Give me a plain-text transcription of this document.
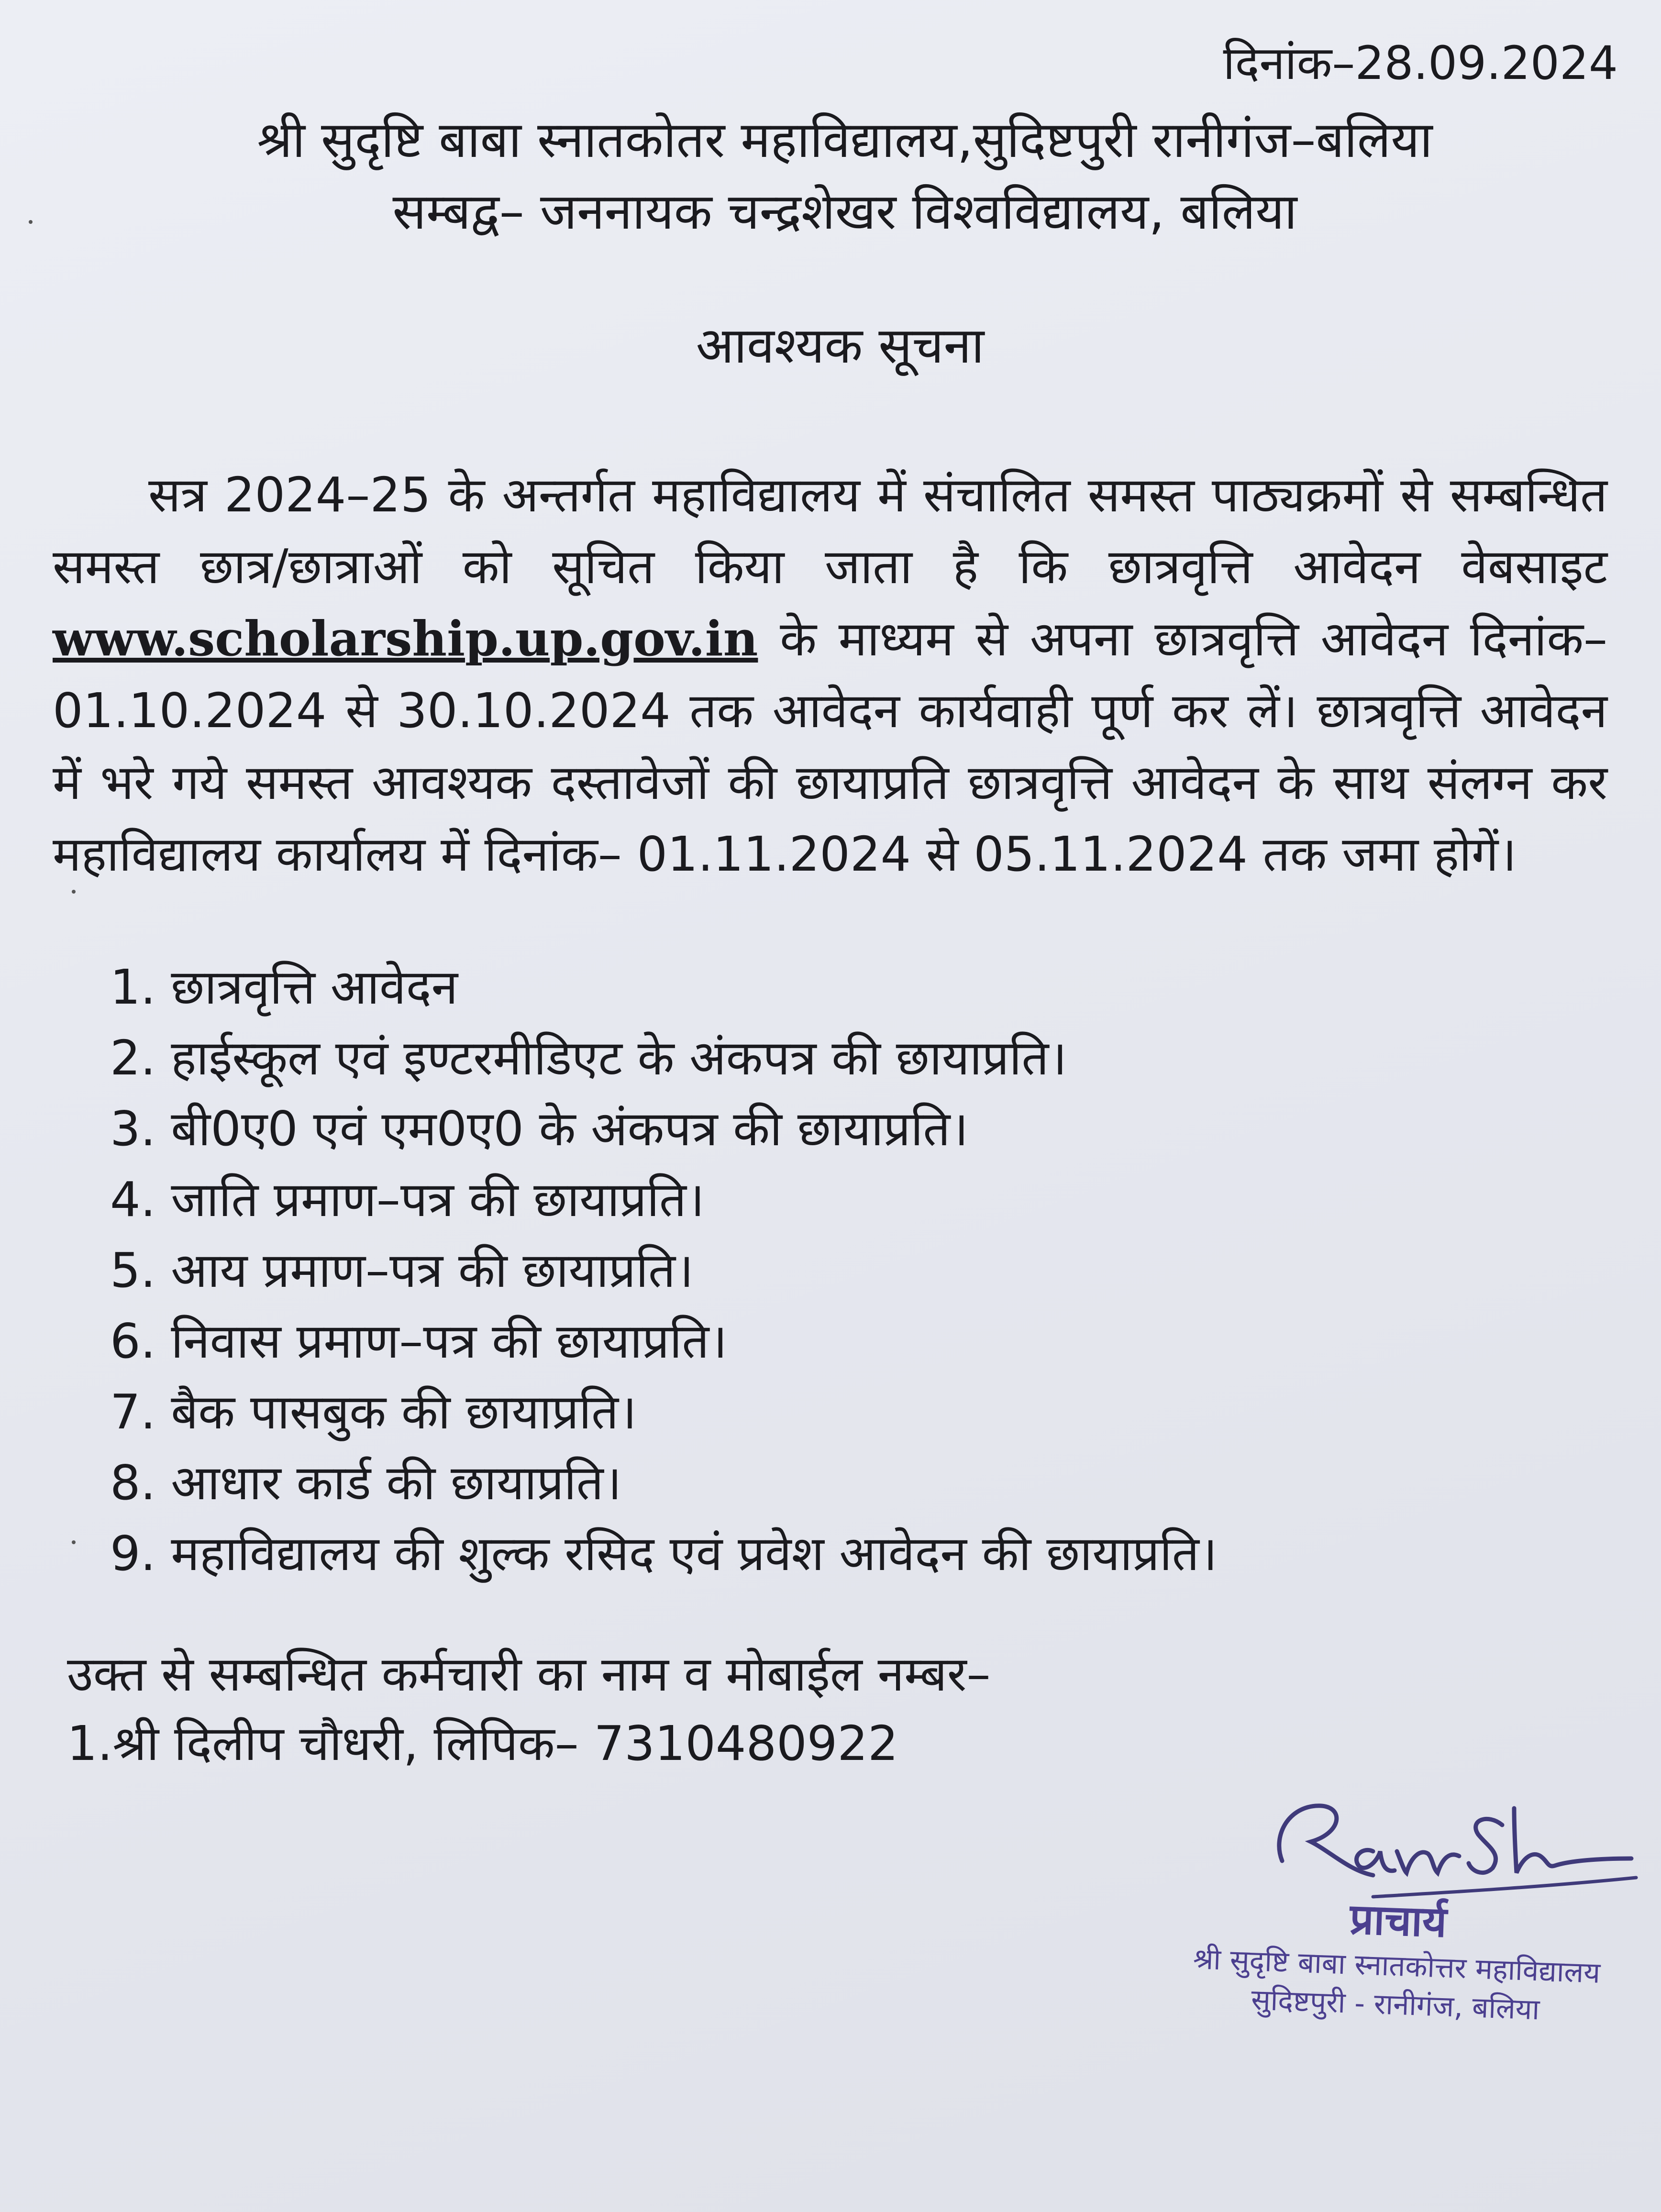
दिनांक–28.09.2024
श्री सुदृष्टि बाबा स्नातकोतर महाविद्यालय,सुदिष्टपुरी रानीगंज–बलिया
सम्बद्व– जननायक चन्द्रशेखर विश्वविद्यालय, बलिया
आवश्यक सूचना
सत्र 2024–25 के अन्तर्गत महाविद्यालय में संचालित समस्त पाठ्यक्रमों से सम्बन्धित समस्त छात्र/छात्राओं को सूचित किया जाता है कि छात्रवृत्ति आवेदन वेबसाइट www.scholarship.up.gov.in के माध्यम से अपना छात्रवृत्ति आवेदन दिनांक– 01.10.2024 से 30.10.2024 तक आवेदन कार्यवाही पूर्ण कर लें। छात्रवृत्ति आवेदन में भरे गये समस्त आवश्यक दस्तावेजों की छायाप्रति छात्रवृत्ति आवेदन के साथ संलग्न कर महाविद्यालय कार्यालय में दिनांक– 01.11.2024 से 05.11.2024 तक जमा होगें।
1. छात्रवृत्ति आवेदन
2. हाईस्कूल एवं इण्टरमीडिएट के अंकपत्र की छायाप्रति।
3. बी0ए0 एवं एम0ए0 के अंकपत्र की छायाप्रति।
4. जाति प्रमाण–पत्र की छायाप्रति।
5. आय प्रमाण–पत्र की छायाप्रति।
6. निवास प्रमाण–पत्र की छायाप्रति।
7. बैक पासबुक की छायाप्रति।
8. आधार कार्ड की छायाप्रति।
9. महाविद्यालय की शुल्क रसिद एवं प्रवेश आवेदन की छायाप्रति।
उक्त से सम्बन्धित कर्मचारी का नाम व मोबाईल नम्बर–
1.श्री दिलीप चौधरी, लिपिक– 7310480922
प्राचार्य
श्री सुदृष्टि बाबा स्नातकोत्तर महाविद्यालय
सुदिष्टपुरी - रानीगंज, बलिया
